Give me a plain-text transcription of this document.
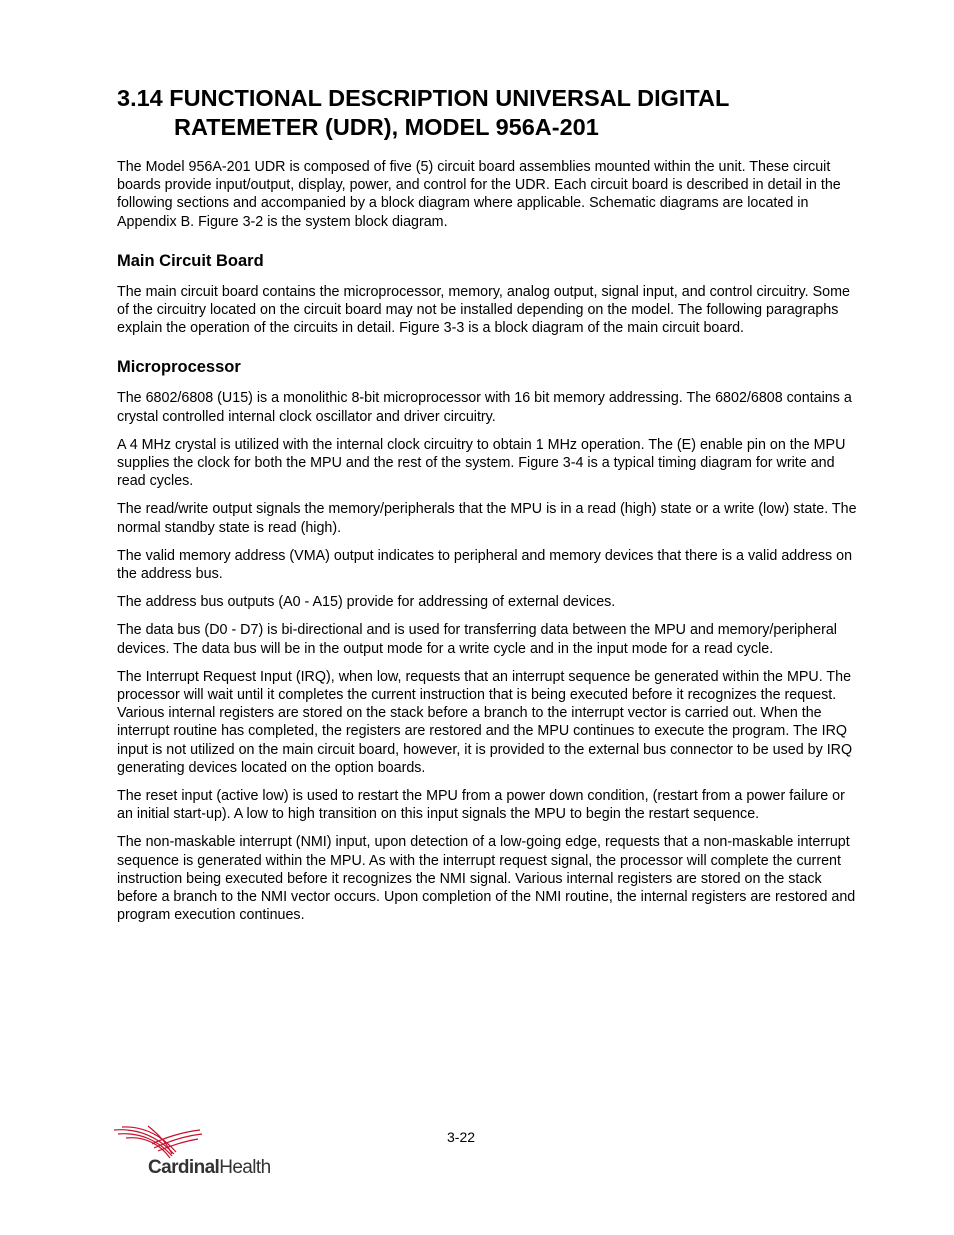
3.14 FUNCTIONAL DESCRIPTION UNIVERSAL DIGITAL
RATEMETER (UDR), MODEL 956A-201

The Model 956A-201 UDR is composed of five (5) circuit board assemblies mounted within the unit. These circuit boards provide input/output, display, power, and control for the UDR. Each circuit board is described in detail in the following sections and accompanied by a block diagram where applicable. Schematic diagrams are located in Appendix B. Figure 3-2 is the system block diagram.

Main Circuit Board

The main circuit board contains the microprocessor, memory, analog output, signal input, and control circuitry. Some of the circuitry located on the circuit board may not be installed depending on the model. The following paragraphs explain the operation of the circuits in detail. Figure 3-3 is a block diagram of the main circuit board.

Microprocessor

The 6802/6808 (U15) is a monolithic 8-bit microprocessor with 16 bit memory addressing. The 6802/6808 contains a crystal controlled internal clock oscillator and driver circuitry.

A 4 MHz crystal is utilized with the internal clock circuitry to obtain 1 MHz operation. The (E) enable pin on the MPU supplies the clock for both the MPU and the rest of the system. Figure 3-4 is a typical timing diagram for write and read cycles.

The read/write output signals the memory/peripherals that the MPU is in a read (high) state or a write (low) state. The normal standby state is read (high).

The valid memory address (VMA) output indicates to peripheral and memory devices that there is a valid address on the address bus.

The address bus outputs (A0 - A15) provide for addressing of external devices.

The data bus (D0 - D7) is bi-directional and is used for transferring data between the MPU and memory/peripheral devices. The data bus will be in the output mode for a write cycle and in the input mode for a read cycle.

The Interrupt Request Input (IRQ), when low, requests that an interrupt sequence be generated within the MPU. The processor will wait until it completes the current instruction that is being executed before it recognizes the request. Various internal registers are stored on the stack before a branch to the interrupt vector is carried out. When the interrupt routine has completed, the registers are restored and the MPU continues to execute the program. The IRQ input is not utilized on the main circuit board, however, it is provided to the external bus connector to be used by IRQ generating devices located on the option boards.

The reset input (active low) is used to restart the MPU from a power down condition, (restart from a power failure or an initial start-up). A low to high transition on this input signals the MPU to begin the restart sequence.

The non-maskable interrupt (NMI) input, upon detection of a low-going edge, requests that a non-maskable interrupt sequence is generated within the MPU. As with the interrupt request signal, the processor will complete the current instruction being executed before it recognizes the NMI signal. Various internal registers are stored on the stack before a branch to the NMI vector occurs. Upon completion of the NMI routine, the internal registers are restored and program execution continues.

3-22
CardinalHealth
